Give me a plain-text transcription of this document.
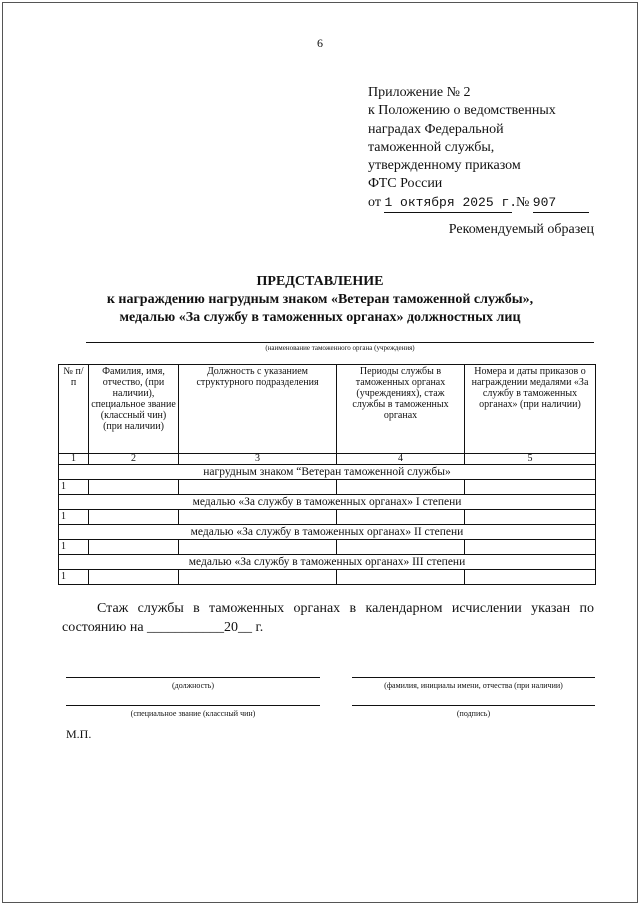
6
Приложение № 2
к Положению о ведомственных
наградах Федеральной
таможенной службы,
утвержденному приказом
ФТС России
от 1 октября 2025 г. № 907
Рекомендуемый образец
ПРЕДСТАВЛЕНИЕ
к награждению нагрудным знаком «Ветеран таможенной службы»,
медалью «За службу в таможенных органах» должностных лиц
(наименование таможенного органа (учреждения)
№ п/п	Фамилия, имя, отчество, (при наличии), специальное звание (классный чин) (при наличии)	Должность с указанием структурного подразделения	Периоды службы в таможенных органах (учреждениях), стаж службы в таможенных органах	Номера и даты приказов о награждении медалями «За службу в таможенных органах» (при наличии)
1	2	3	4	5
нагрудным знаком “Ветеран таможенной службы»				
1				
медалью «За службу в таможенных органах» I степени				
1				
медалью «За службу в таможенных органах» II степени				
1				
медалью «За службу в таможенных органах» III степени				
1				
Стаж службы в таможенных органах в календарном исчислении указан по состоянию на ___________20__ г.
(должность)	(фамилия, инициалы имени, отчества (при наличии)
(специальное звание (классный чин)	(подпись)
М.П.
